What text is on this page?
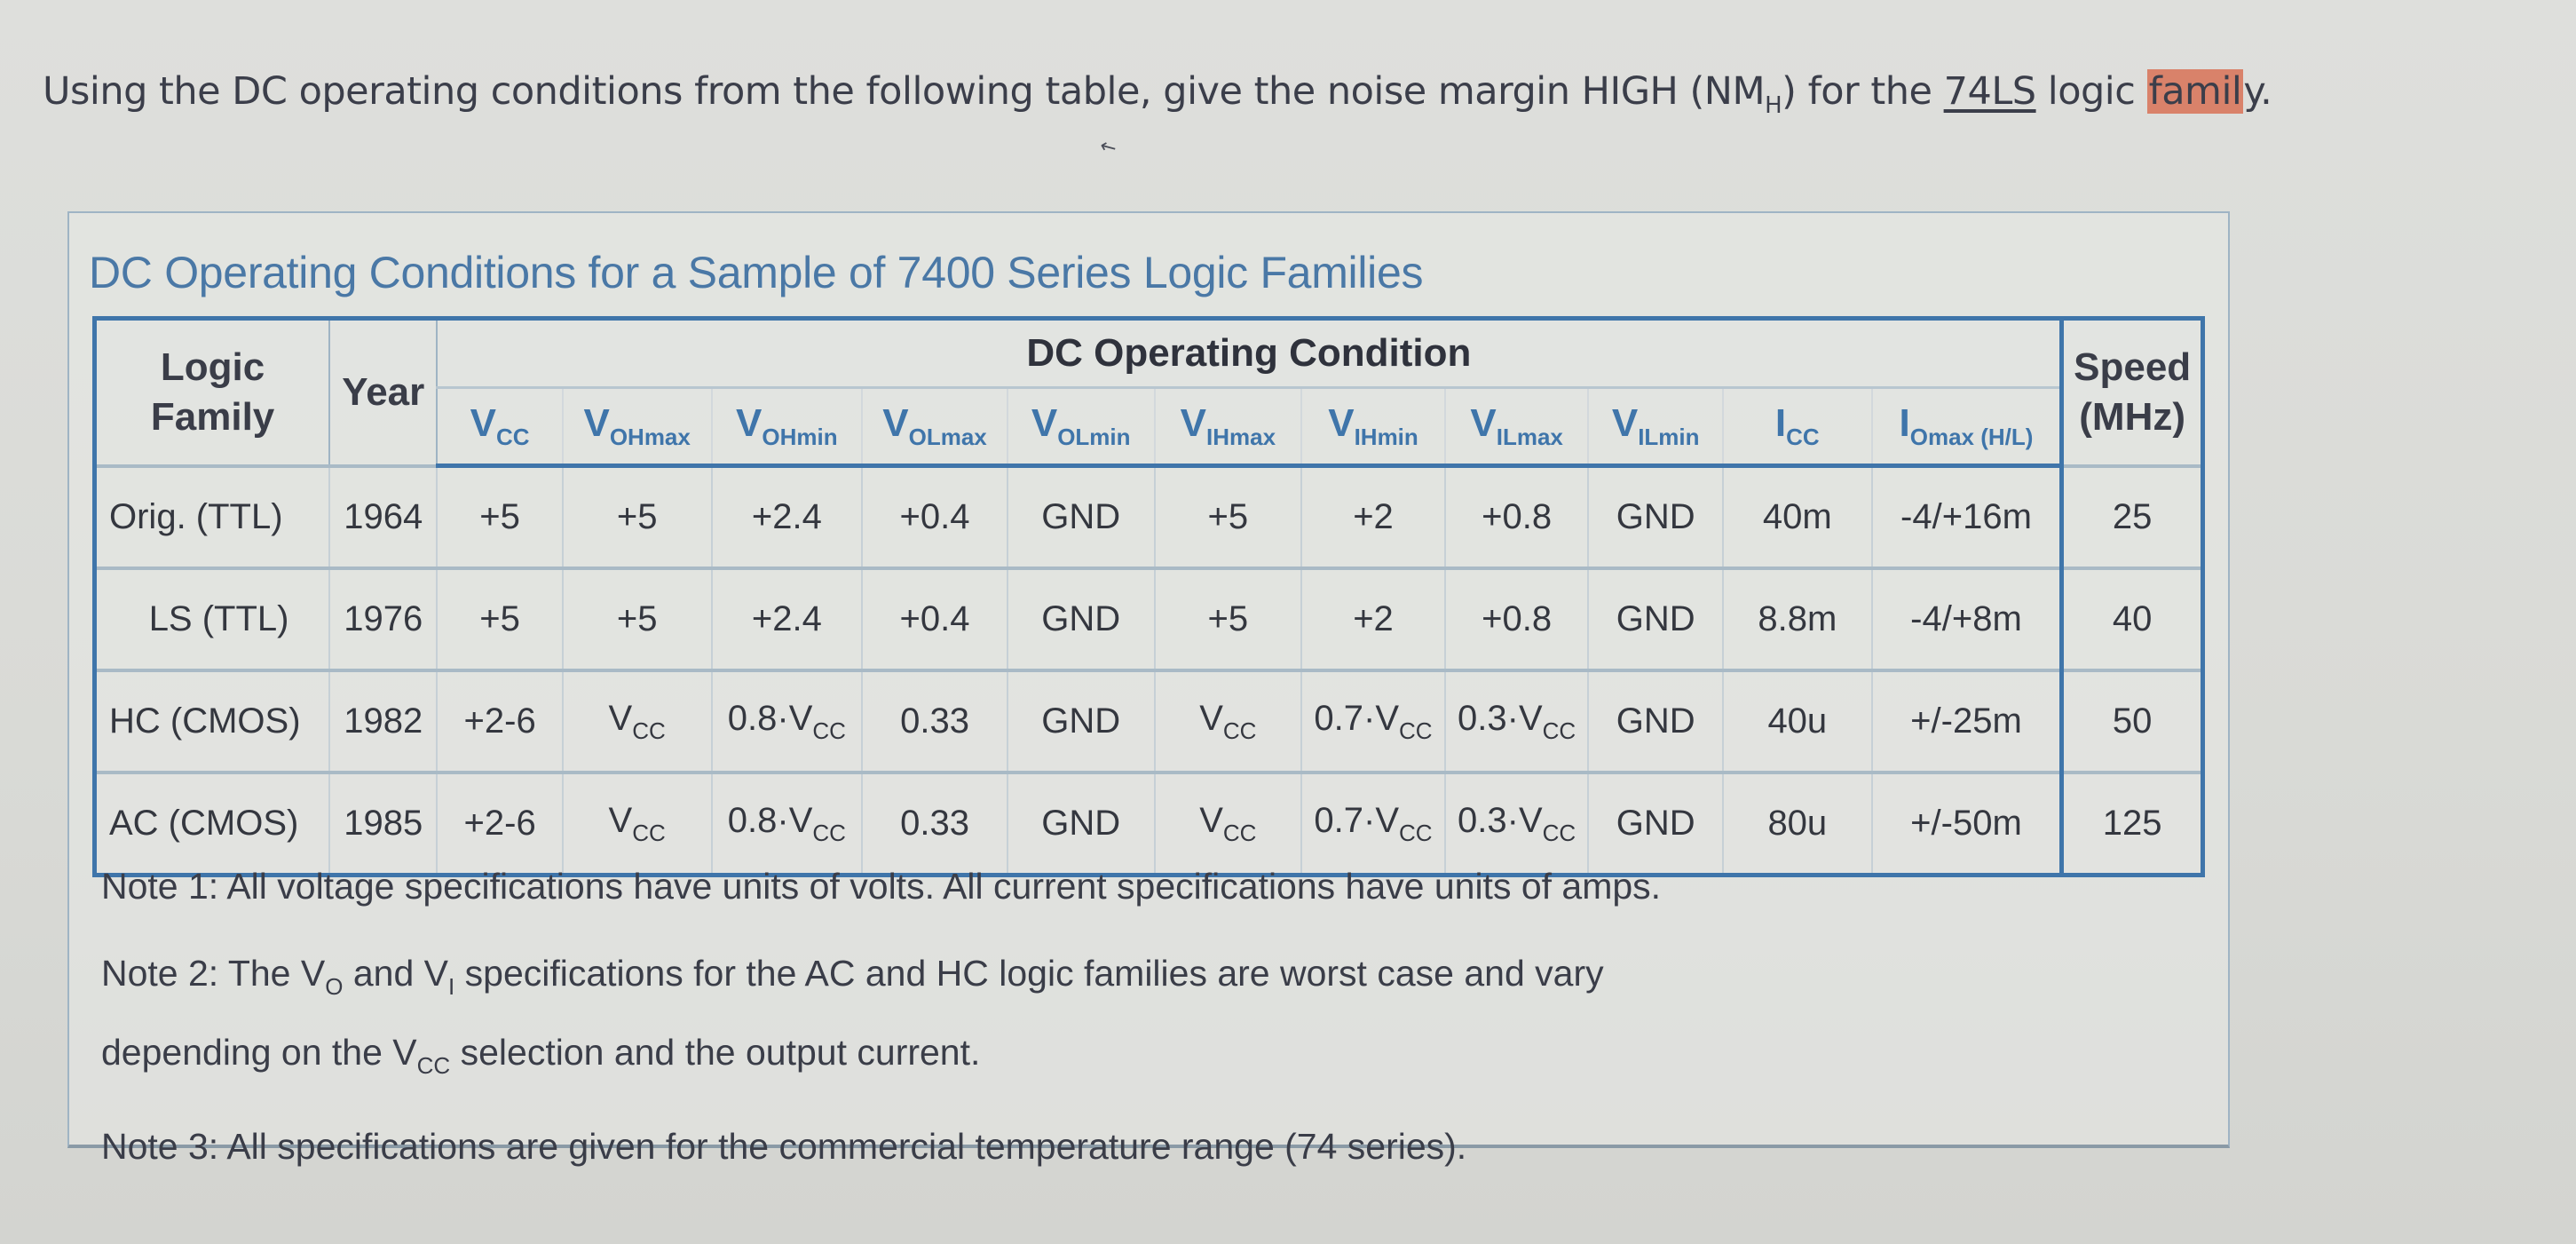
Using the DC operating conditions from the following table, give the noise margin HIGH $(NM_H)$ for the 74LS logic family.
↖
DC Operating Conditions for a Sample of 7400 Series Logic Families
Logic
Family
	Year	DC Operating Condition	Speed
(MHz)

		$V_{CC}$	$V_{OHmax}$	$V_{OHmin}$	$V_{OLmax}$	$V_{OLmin}$	$V_{IHmax}$	$V_{IHmin}$	$V_{ILmax}$	$V_{ILmin}$	$I_{CC}$	$I_{Omax (H/L)}$
Orig. (TTL)	1964	+5	+5	+2.4	+0.4	GND	+5	+2	+0.8	GND	40m	-4/+16m	25
LS (TTL)	1976	+5	+5	+2.4	+0.4	GND	+5	+2	+0.8	GND	8.8m	-4/+8m	40
HC (CMOS)	1982	+2-6	$V_{CC}$	$0.8\cdot V_{CC}$	0.33	GND	$V_{CC}$	$0.7\cdot V_{CC}$	$0.3\cdot V_{CC}$	GND	40u	+/-25m	50
AC (CMOS)	1985	+2-6	$V_{CC}$	$0.8\cdot V_{CC}$	0.33	GND	$V_{CC}$	$0.7\cdot V_{CC}$	$0.3\cdot V_{CC}$	GND	80u	+/-50m	125

Note 1: All voltage specifications have units of volts. All current specifications have units of amps.

Note 2: The $V_O$ and $V_I$ specifications for the AC and HC logic families are worst case and vary
depending on the $V_{CC}$ selection and the output current.

Note 3: All specifications are given for the commercial temperature range (74 series).
